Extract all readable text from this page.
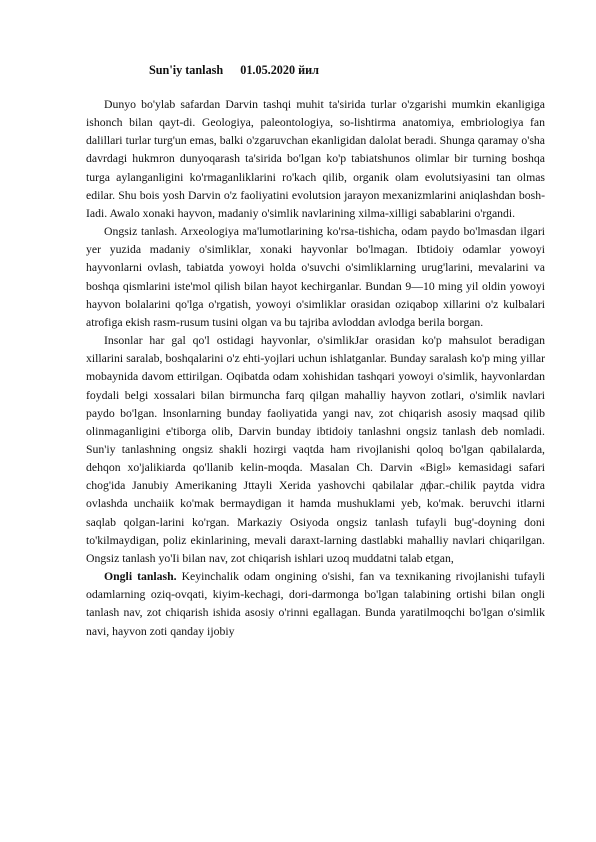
Sun'iy tanlash 01.05.2020 йил

Dunyo bo'ylab safardan Darvin tashqi muhit ta'sirida turlar o'zgarishi mumkin ekanligiga ishonch bilan qayt-di. Geologiya, paleontologiya, so-lishtirma anatomiya, embriologiya fan dalillari turlar turg'un emas, balki o'zgaruvchan ekanligidan dalolat beradi. Shunga qaramay o'sha davrdagi hukmron dunyoqarash ta'sirida bo'lgan ko'p tabiatshunos olimlar bir turning boshqa turga aylanganligini ko'rmaganliklarini ro'kach qilib, organik olam evolutsiyasini tan olmas edilar. Shu bois yosh Darvin o'z faoliyatini evolutsion jarayon mexanizmlarini aniqlashdan bosh-Iadi. Awalo xonaki hayvon, madaniy o'simlik navlarining xilma-xilligi sabablarini o'rgandi.

Ongsiz tanlash. Arxeologiya ma'lumotlarining ko'rsa-tishicha, odam paydo bo'lmasdan ilgari yer yuzida madaniy o'simliklar, xonaki hayvonlar bo'lmagan. Ibtidoiy odamlar yowoyi hayvonlarni ovlash, tabiatda yowoyi holda o'suvchi o'simliklarning urug'larini, mevalarini va boshqa qismlarini iste'mol qilish bilan hayot kechirganlar. Bundan 9—10 ming yil oldin yowoyi hayvon bolalarini qo'lga o'rgatish, yowoyi o'simliklar orasidan oziqabop xillarini o'z kulbalari atrofiga ekish rasm-rusum tusini olgan va bu tajriba avloddan avlodga berila borgan.

Insonlar har gal qo'l ostidagi hayvonlar, o'simlikJar orasidan ko'p mahsulot beradigan xillarini saralab, boshqalarini o'z ehti-yojlari uchun ishlatganlar. Bunday saralash ko'p ming yillar mobaynida davom ettirilgan. Oqibatda odam xohishidan tashqari yowoyi o'simlik, hayvonlardan foydali belgi xossalari bilan birmuncha farq qilgan mahalliy hayvon zotlari, o'simlik navlari paydo bo'lgan. lnsonlarning bunday faoliyatida yangi nav, zot chiqarish asosiy maqsad qilib olinmaganligini e'tiborga olib, Darvin bunday ibtidoiy tanlashni ongsiz tanlash deb nomladi. Sun'iy tanlashning ongsiz shakli hozirgi vaqtda ham rivojlanishi qoloq bo'lgan qabilalarda, dehqon xo'jalikiarda qo'llanib kelin-moqda. Masalan Ch. Darvin «Bigl» kemasidagi safari chog'ida Janubiy Amerikaning Jttayli Xerida yashovchi qabilalar дфаг.-chilik paytda vidra ovlashda unchaiik ko'mak bermaydigan it hamda mushuklami yeb, ko'mak. beruvchi itlarni saqlab qolgan-larini ko'rgan. Markaziy Osiyoda ongsiz tanlash tufayli bug'-doyning doni to'kilmaydigan, poliz ekinlarining, mevali daraxt-larning dastlabki mahalliy navlari chiqarilgan. Ongsiz tanlash yo'Ii bilan nav, zot chiqarish ishlari uzoq muddatni talab etgan,

Ongli tanlash. Keyinchalik odam ongining o'sishi, fan va texnikaning rivojlanishi tufayli odamlarning oziq-ovqati, kiyim-kechagi, dori-darmonga bo'lgan talabining ortishi bilan ongli tanlash nav, zot chiqarish ishida asosiy o'rinni egallagan. Bunda yaratilmoqchi bo'lgan o'simlik navi, hayvon zoti qanday ijobiy
